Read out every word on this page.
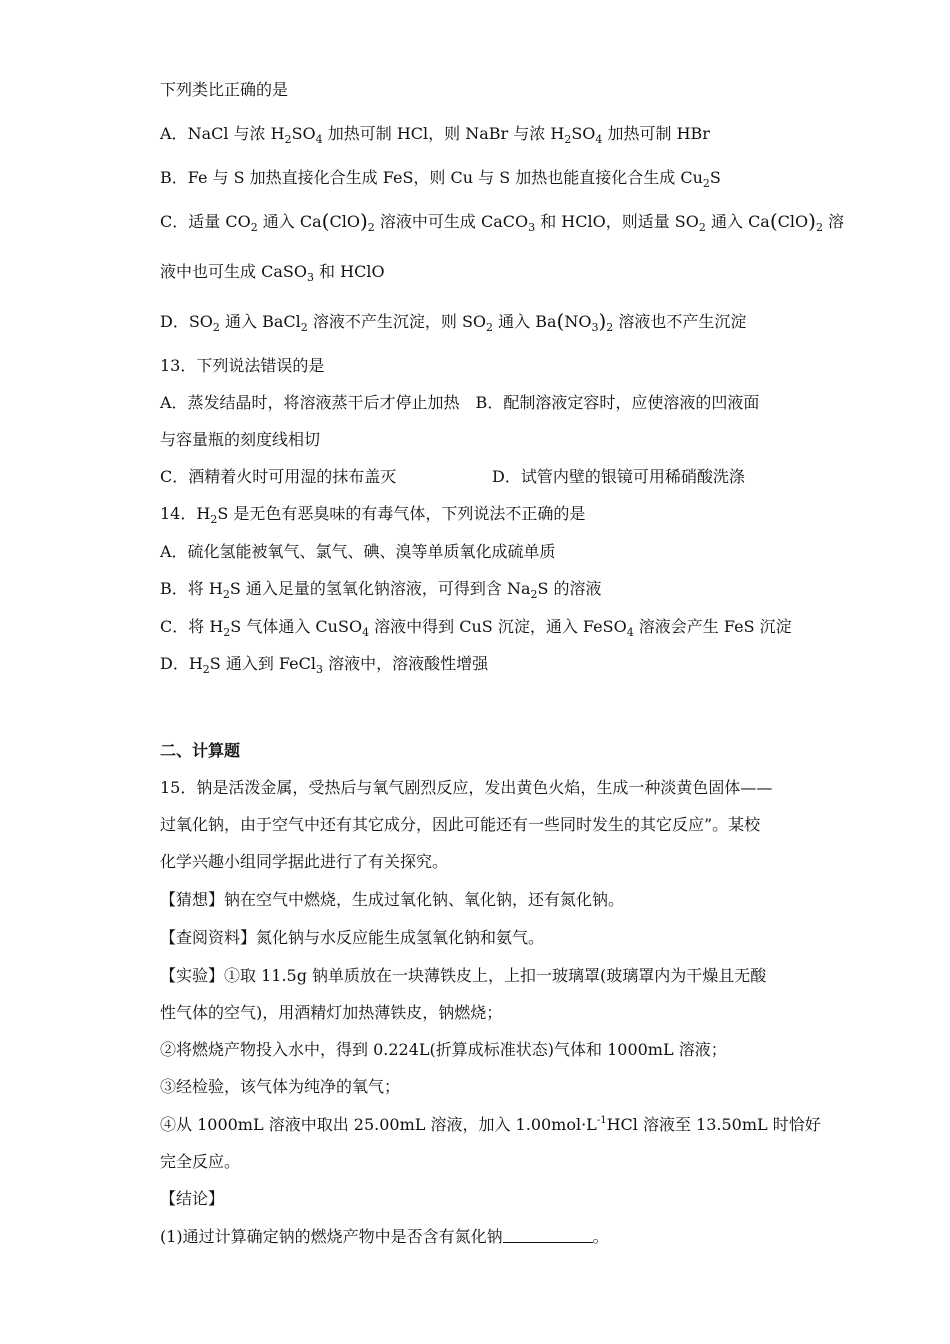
下列类比正确的是
A．NaCl 与浓 $H_2SO_4$ 加热可制 HCl，则 NaBr 与浓 $H_2SO_4$ 加热可制 HBr
B．Fe 与 S 加热直接化合生成 FeS，则 Cu 与 S 加热也能直接化合生成 $Cu_2S$
C．适量 $CO_2$ 通入 $Ca(ClO)_2$ 溶液中可生成 CaCO$_3$ 和 HClO，则适量 $SO_2$ 通入 $Ca(ClO)_2$ 溶
液中也可生成 CaSO$_3$ 和 HClO
D．$SO_2$ 通入 BaCl$_2$ 溶液不产生沉淀，则 $SO_2$ 通入 $Ba(NO_3)_2$ 溶液也不产生沉淀
13．下列说法错误的是
A．蒸发结晶时，将溶液蒸干后才停止加热　B．配制溶液定容时，应使溶液的凹液面
与容量瓶的刻度线相切
C．酒精着火时可用湿的抹布盖灭	D．试管内壁的银镜可用稀硝酸洗涤
14．$H_2S$ 是无色有恶臭味的有毒气体，下列说法不正确的是
A．硫化氢能被氧气、氯气、碘、溴等单质氧化成硫单质
B．将 $H_2S$ 通入足量的氢氧化钠溶液，可得到含 $Na_2S$ 的溶液
C．将 $H_2S$ 气体通入 CuSO$_4$ 溶液中得到 CuS 沉淀，通入 FeSO$_4$ 溶液会产生 FeS 沉淀
D．$H_2S$ 通入到 FeCl$_3$ 溶液中，溶液酸性增强
二、计算题
15．钠是活泼金属，受热后与氧气剧烈反应，发出黄色火焰，生成一种淡黄色固体——
过氧化钠，由于空气中还有其它成分，因此可能还有一些同时发生的其它反应”。某校
化学兴趣小组同学据此进行了有关探究。
【猜想】钠在空气中燃烧，生成过氧化钠、氧化钠，还有氮化钠。
【查阅资料】氮化钠与水反应能生成氢氧化钠和氨气。
【实验】①取 11.5g 钠单质放在一块薄铁皮上，上扣一玻璃罩(玻璃罩内为干燥且无酸
性气体的空气)，用酒精灯加热薄铁皮，钠燃烧；
②将燃烧产物投入水中，得到 0.224L(折算成标准状态)气体和 1000mL 溶液；
③经检验，该气体为纯净的氧气；
④从 1000mL 溶液中取出 25.00mL 溶液，加入 $1.00mol\cdot L^{-1}HCl$ 溶液至 13.50mL 时恰好
完全反应。
【结论】
(1)通过计算确定钠的燃烧产物中是否含有氮化钠	。
